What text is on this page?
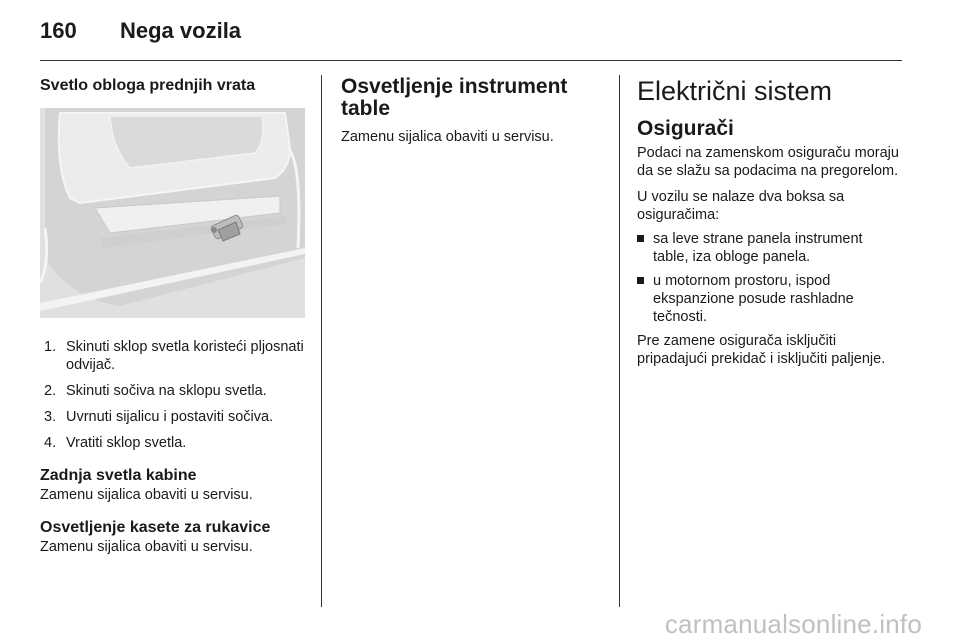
160	Nega vozila
Svetlo obloga prednjih vrata
1. Skinuti sklop svetla koristeći pljosnati odvijač.
2. Skinuti sočiva na sklopu svetla.
3. Uvrnuti sijalicu i postaviti sočiva.
4. Vratiti sklop svetla.
Zadnja svetla kabine

Zamenu sijalica obaviti u servisu.

Osvetljenje kasete za rukavice

Zamenu sijalica obaviti u servisu.

Osvetljenje instrument table

Zamenu sijalica obaviti u servisu.

Električni sistem
Osigurači

Podaci na zamenskom osiguraču moraju da se slažu sa podacima na pregorelom.

U vozilu se nalaze dva boksa sa osiguračima:

sa leve strane panela instrument table, iza obloge panela.
u motornom prostoru, ispod ekspanzione posude rashladne tečnosti.

Pre zamene osigurača isključiti pripadajući prekidač i isključiti paljenje.

carmanualsonline.info
